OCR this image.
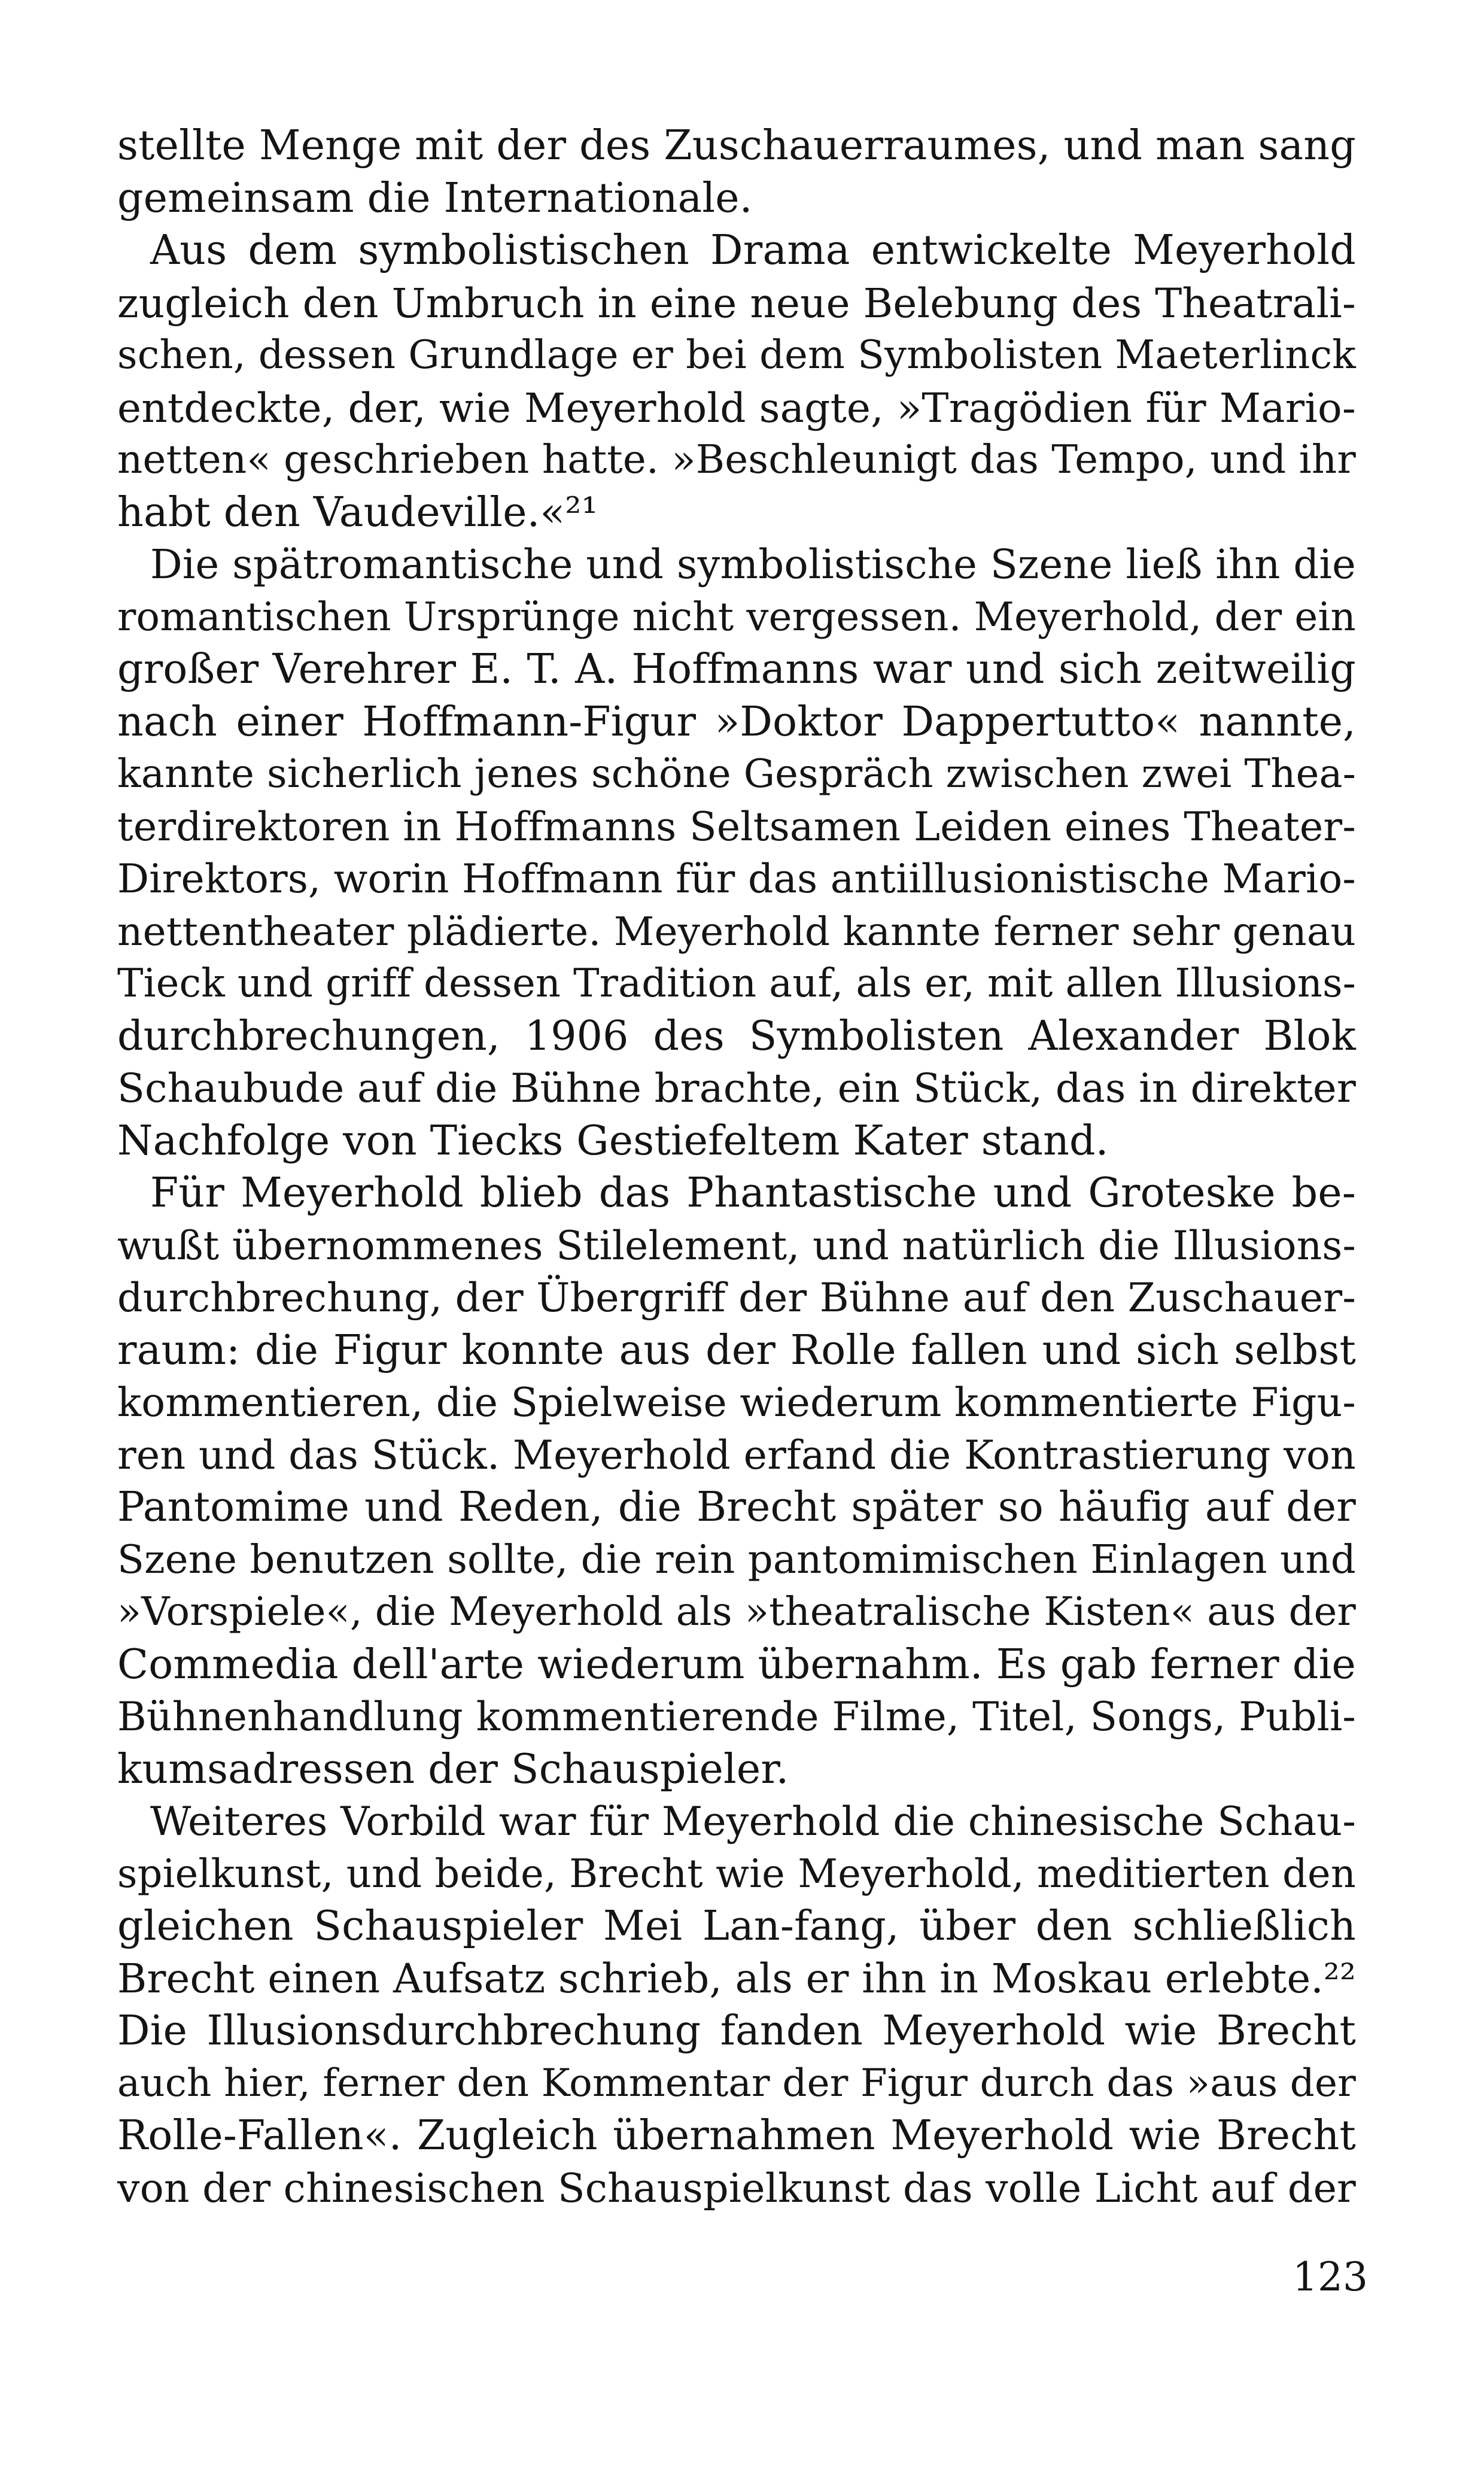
stellte Menge mit der des Zuschauerraumes, und man sang
gemeinsam die Internationale.
Aus dem symbolistischen Drama entwickelte Meyerhold
zugleich den Umbruch in eine neue Belebung des Theatrali-
schen, dessen Grundlage er bei dem Symbolisten Maeterlinck
entdeckte, der, wie Meyerhold sagte, »Tragödien für Mario-
netten« geschrieben hatte. »Beschleunigt das Tempo, und ihr
habt den Vaudeville.«²¹
Die spätromantische und symbolistische Szene ließ ihn die
romantischen Ursprünge nicht vergessen. Meyerhold, der ein
großer Verehrer E. T. A. Hoffmanns war und sich zeitweilig
nach einer Hoffmann-Figur »Doktor Dappertutto« nannte,
kannte sicherlich jenes schöne Gespräch zwischen zwei Thea-
terdirektoren in Hoffmanns Seltsamen Leiden eines Theater-
Direktors, worin Hoffmann für das antiillusionistische Mario-
nettentheater plädierte. Meyerhold kannte ferner sehr genau
Tieck und griff dessen Tradition auf, als er, mit allen Illusions-
durchbrechungen, 1906 des Symbolisten Alexander Blok
Schaubude auf die Bühne brachte, ein Stück, das in direkter
Nachfolge von Tiecks Gestiefeltem Kater stand.
Für Meyerhold blieb das Phantastische und Groteske be-
wußt übernommenes Stilelement, und natürlich die Illusions-
durchbrechung, der Übergriff der Bühne auf den Zuschauer-
raum: die Figur konnte aus der Rolle fallen und sich selbst
kommentieren, die Spielweise wiederum kommentierte Figu-
ren und das Stück. Meyerhold erfand die Kontrastierung von
Pantomime und Reden, die Brecht später so häufig auf der
Szene benutzen sollte, die rein pantomimischen Einlagen und
»Vorspiele«, die Meyerhold als »theatralische Kisten« aus der
Commedia dell'arte wiederum übernahm. Es gab ferner die
Bühnenhandlung kommentierende Filme, Titel, Songs, Publi-
kumsadressen der Schauspieler.
Weiteres Vorbild war für Meyerhold die chinesische Schau-
spielkunst, und beide, Brecht wie Meyerhold, meditierten den
gleichen Schauspieler Mei Lan-fang, über den schließlich
Brecht einen Aufsatz schrieb, als er ihn in Moskau erlebte.²²
Die Illusionsdurchbrechung fanden Meyerhold wie Brecht
auch hier, ferner den Kommentar der Figur durch das »aus der
Rolle-Fallen«. Zugleich übernahmen Meyerhold wie Brecht
von der chinesischen Schauspielkunst das volle Licht auf der
123
